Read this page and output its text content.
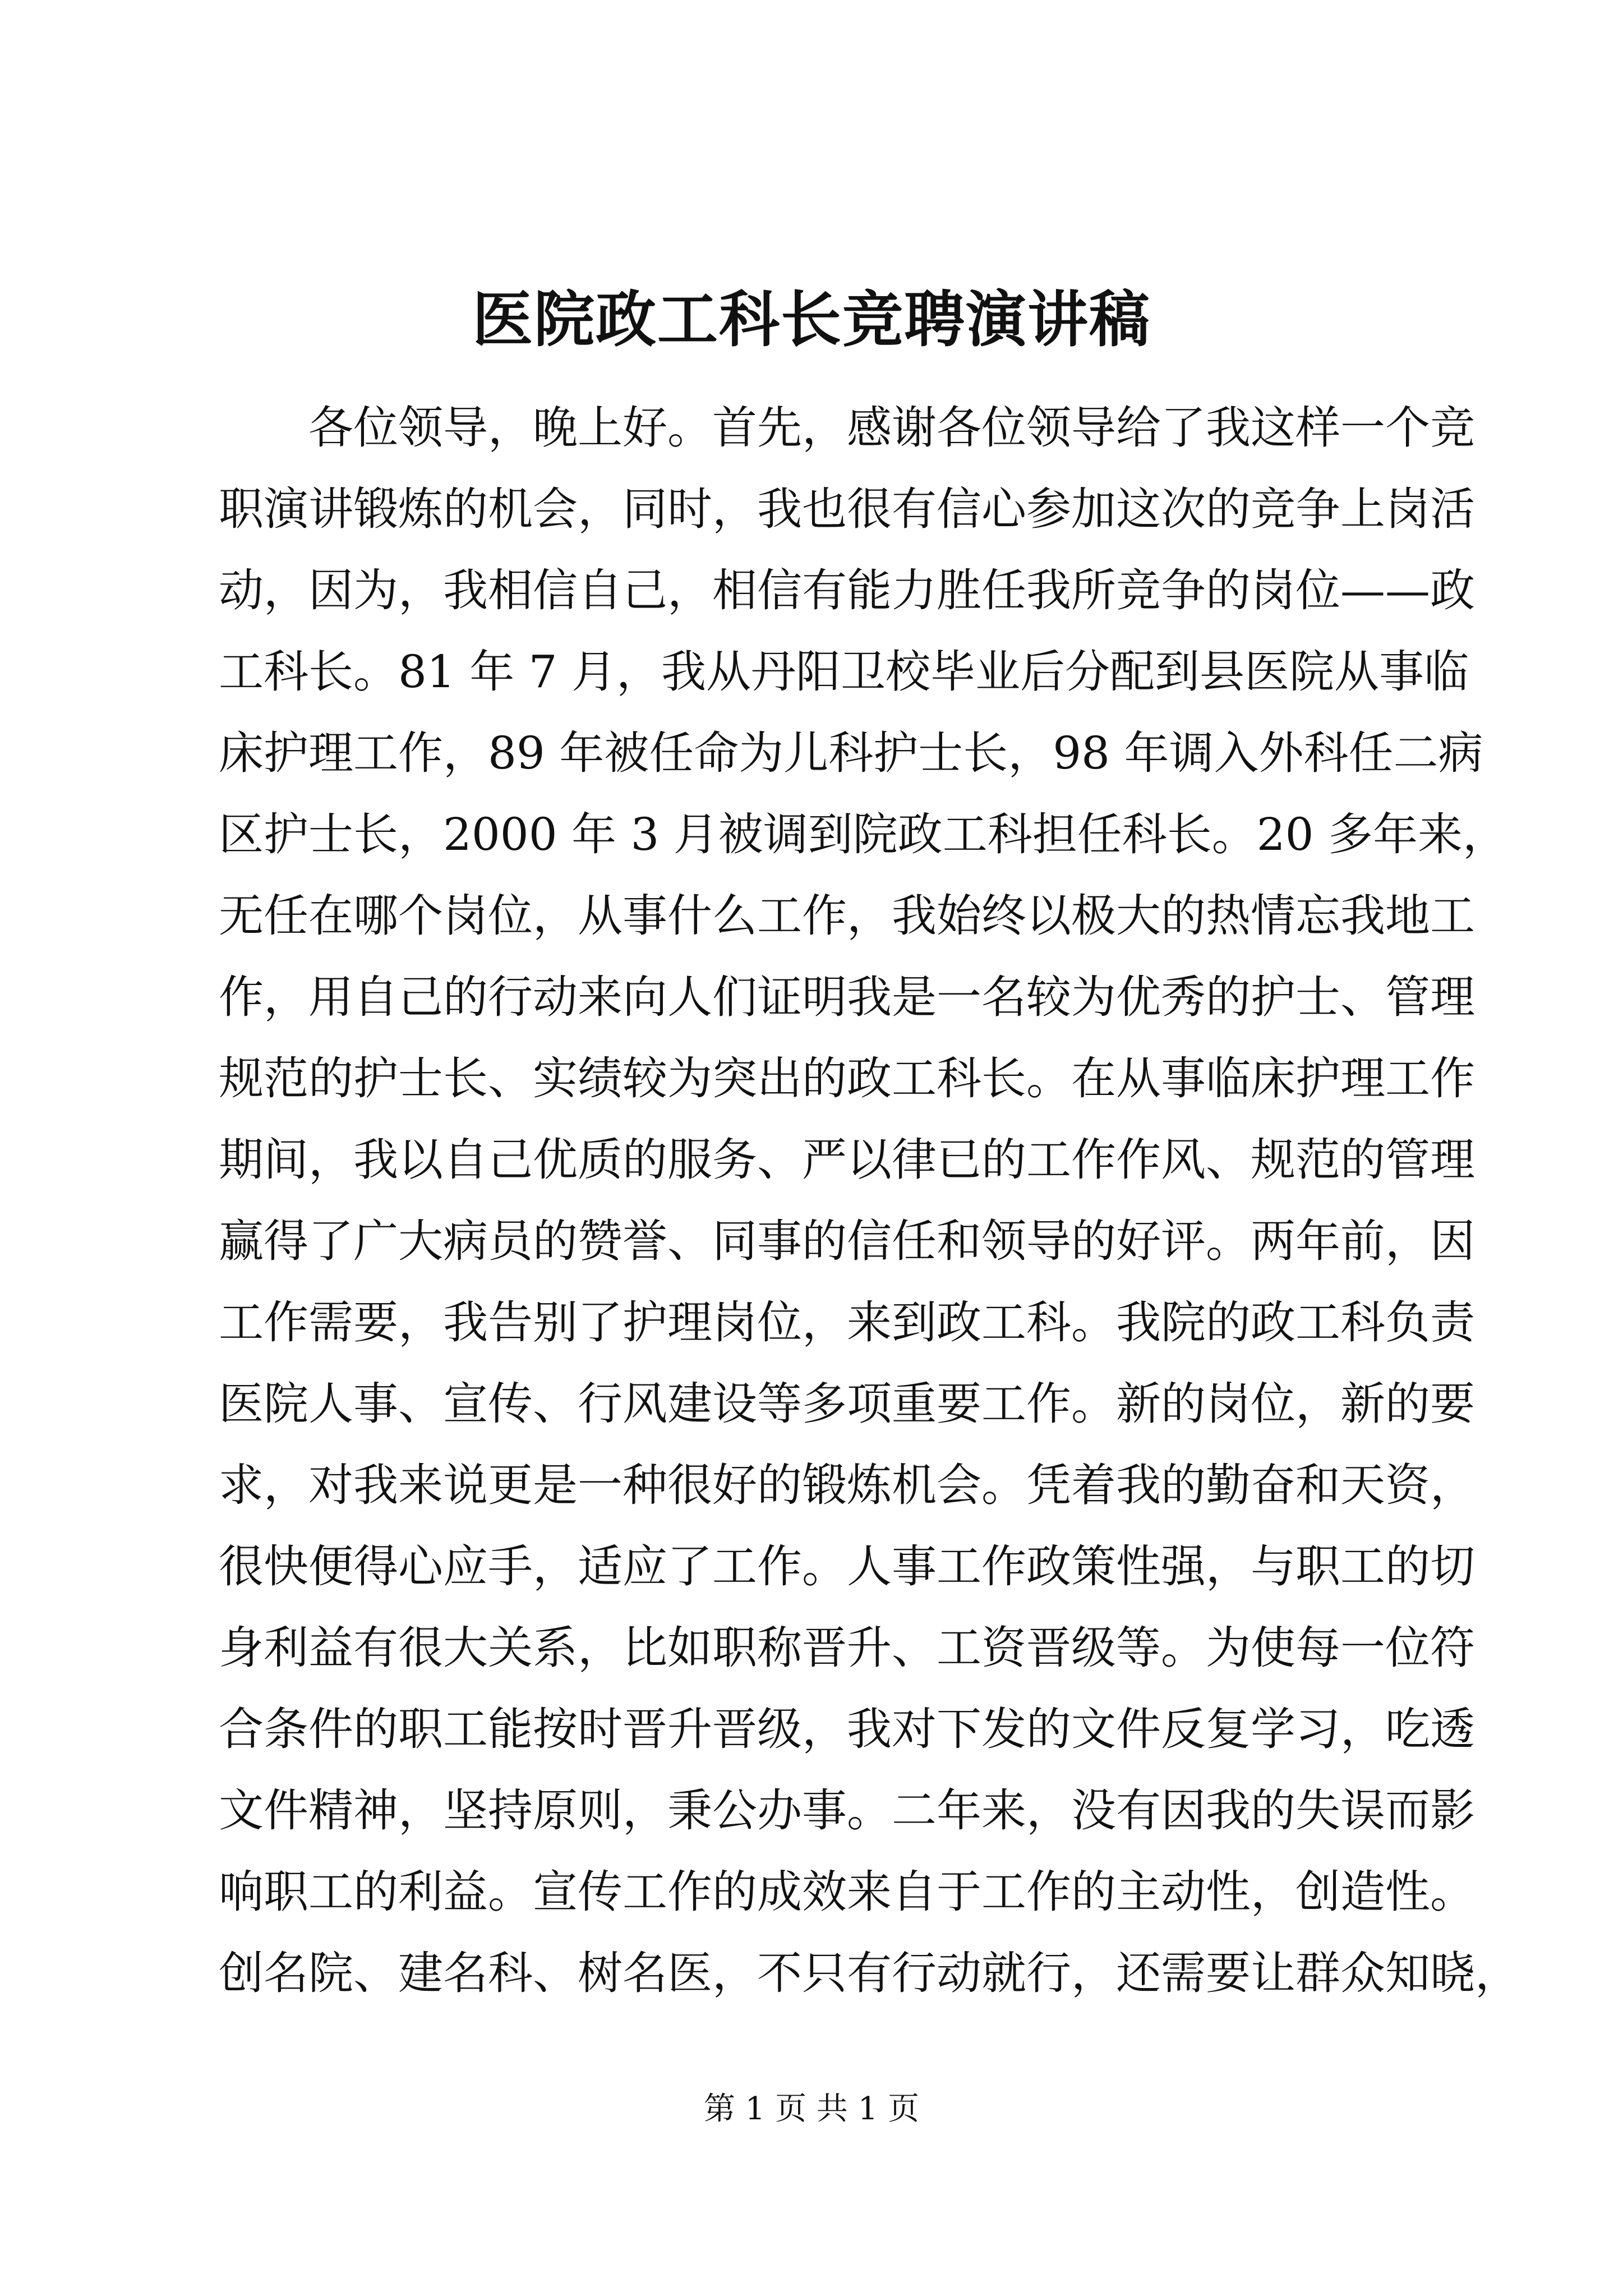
医院政工科长竞聘演讲稿
各位领导，晚上好。首先，感谢各位领导给了我这样一个竞
职演讲锻炼的机会，同时，我也很有信心参加这次的竞争上岗活
动，因为，我相信自己，相信有能力胜任我所竞争的岗位——政
工科长。81 年 7 月，我从丹阳卫校毕业后分配到县医院从事临
床护理工作，89 年被任命为儿科护士长，98 年调入外科任二病
区护士长，2000 年 3 月被调到院政工科担任科长。20 多年来，
无任在哪个岗位，从事什么工作，我始终以极大的热情忘我地工
作，用自己的行动来向人们证明我是一名较为优秀的护士、管理
规范的护士长、实绩较为突出的政工科长。在从事临床护理工作
期间，我以自己优质的服务、严以律已的工作作风、规范的管理
赢得了广大病员的赞誉、同事的信任和领导的好评。两年前，因
工作需要，我告别了护理岗位，来到政工科。我院的政工科负责
医院人事、宣传、行风建设等多项重要工作。新的岗位，新的要
求，对我来说更是一种很好的锻炼机会。凭着我的勤奋和天资，
很快便得心应手，适应了工作。人事工作政策性强，与职工的切
身利益有很大关系，比如职称晋升、工资晋级等。为使每一位符
合条件的职工能按时晋升晋级，我对下发的文件反复学习，吃透
文件精神，坚持原则，秉公办事。二年来，没有因我的失误而影
响职工的利益。宣传工作的成效来自于工作的主动性，创造性。
创名院、建名科、树名医，不只有行动就行，还需要让群众知晓，
第 1 页 共 1 页
